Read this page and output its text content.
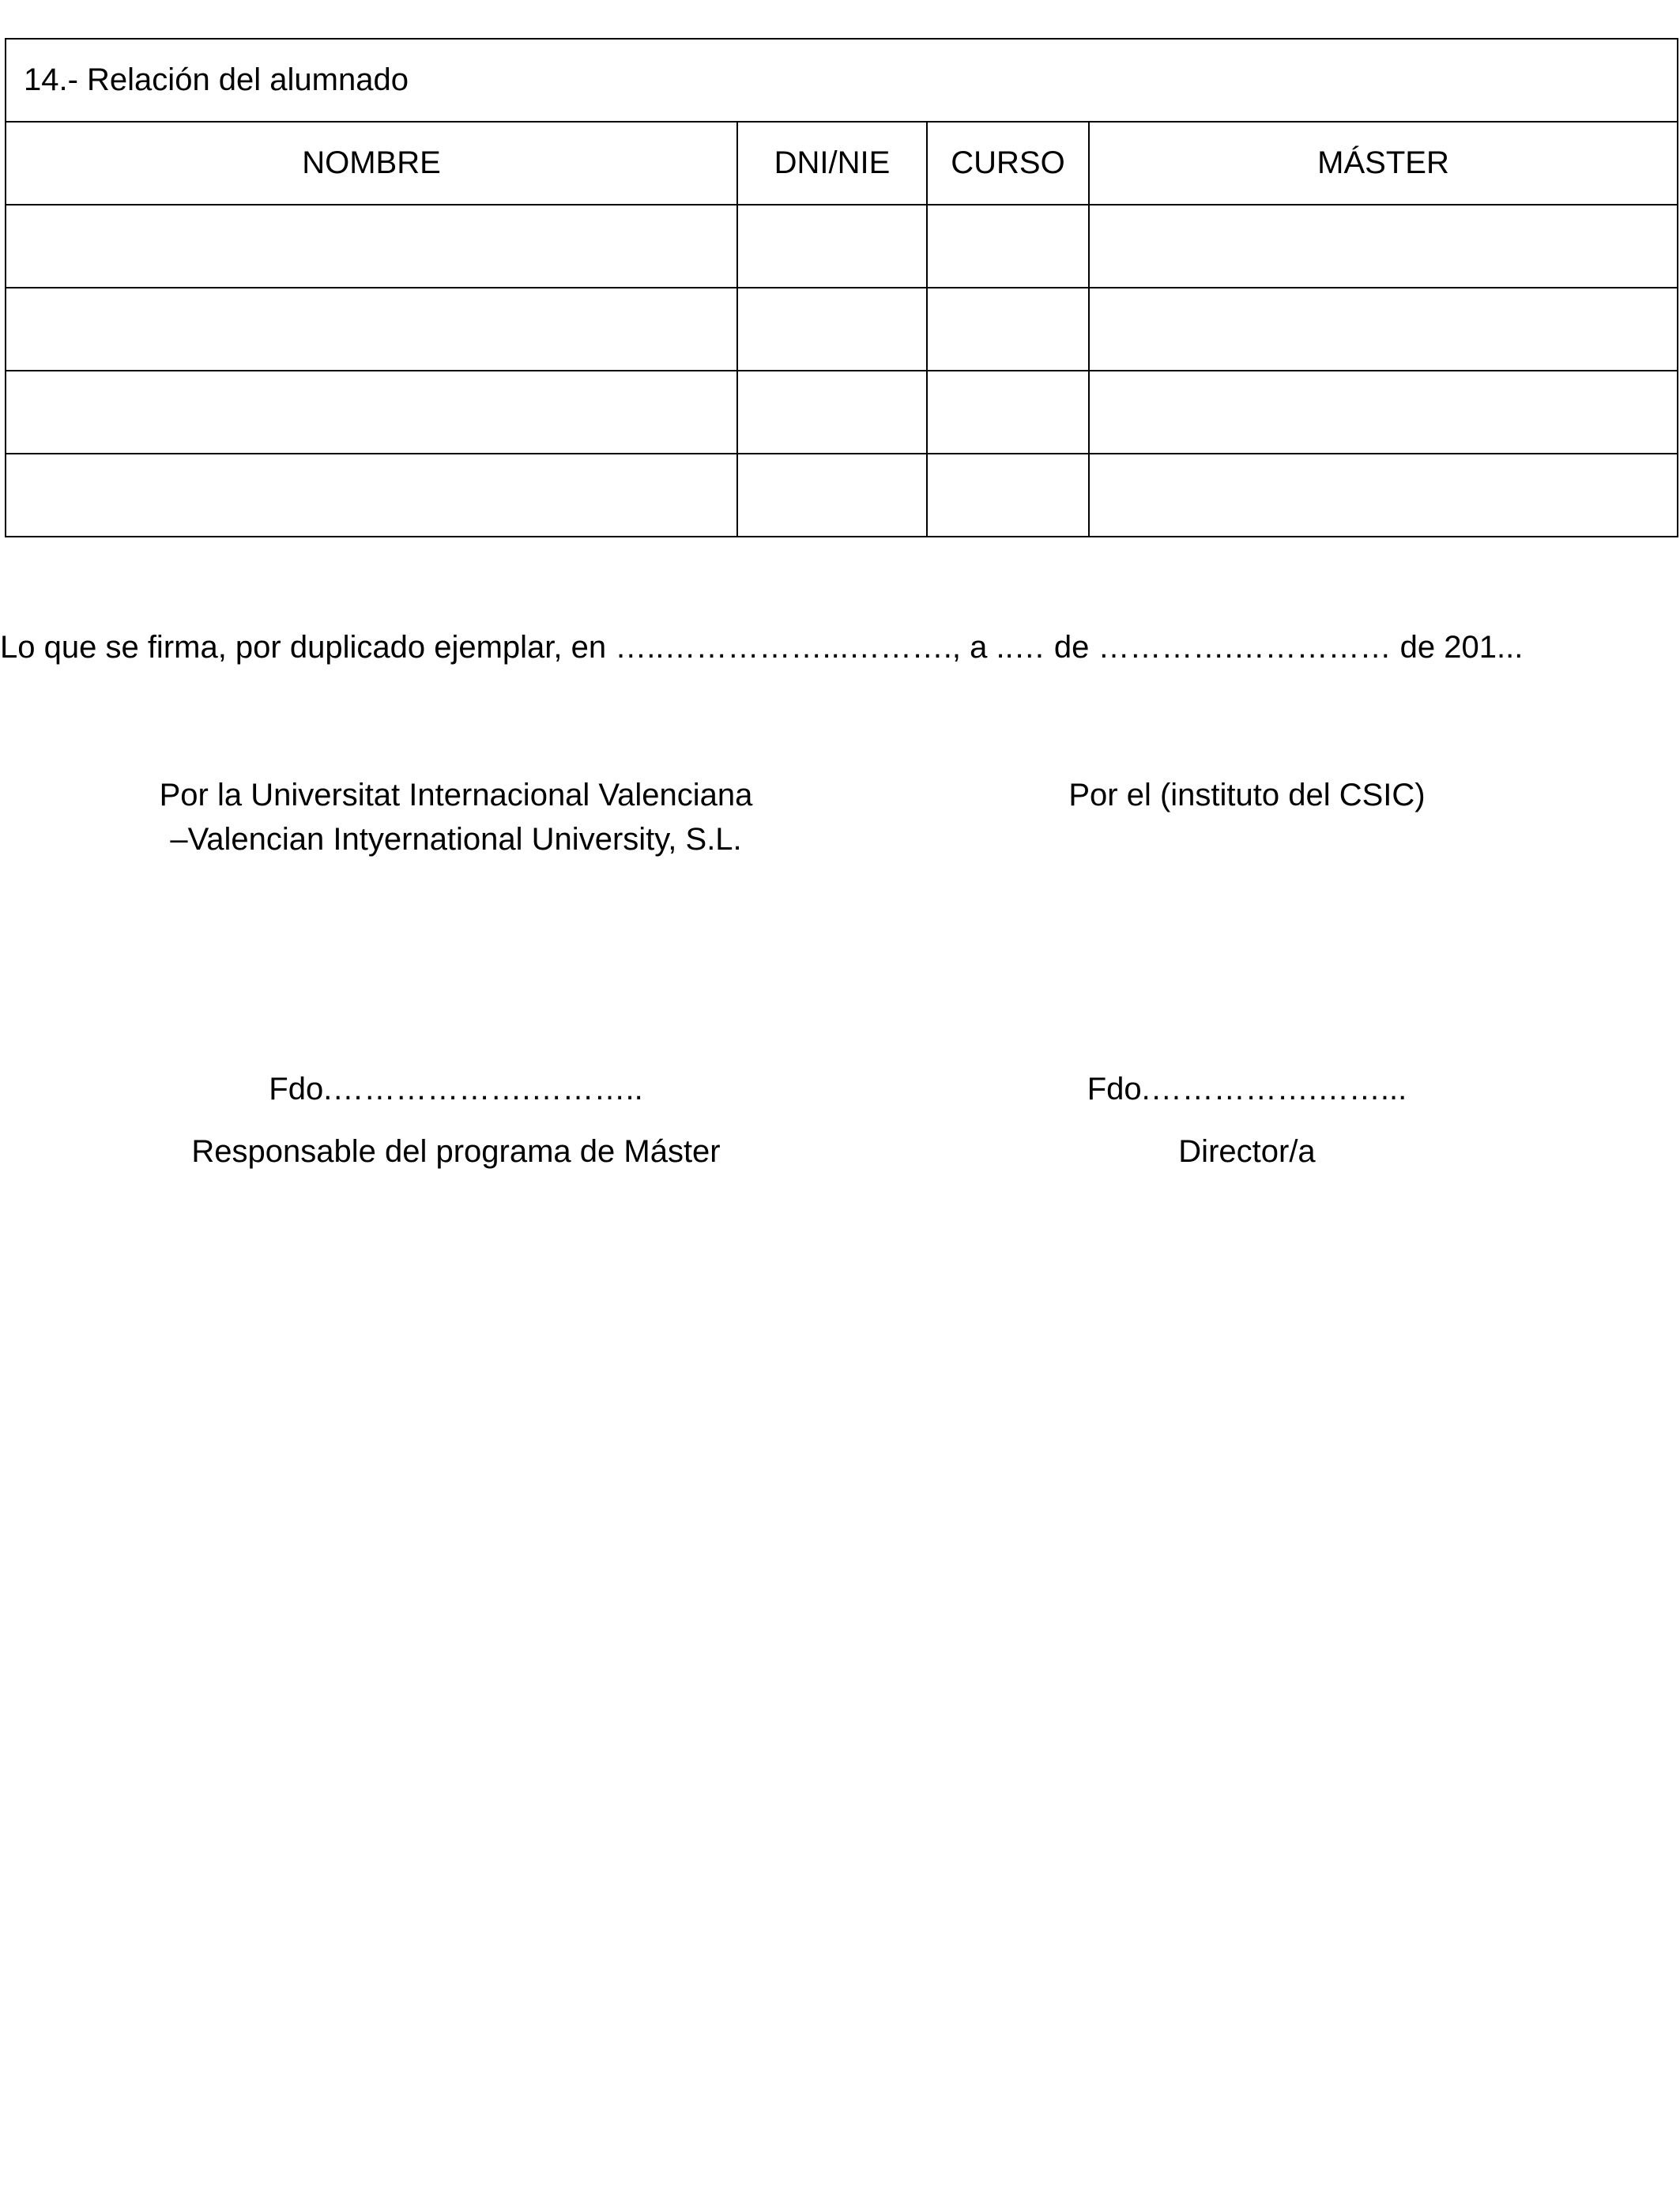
14.- Relación del alumnado			
NOMBRE	DNI/NIE	CURSO	MÁSTER

Lo que se firma, por duplicado ejemplar, en …..……………...………., a ..… de ………….…………… de 201...
Por la Universitat Internacional Valenciana
–Valencian Intyernational University, S.L.
Por el (instituto del CSIC)
Fdo.……………….………..	Fdo.…………….……...
Responsable del programa de Máster	Director/a
